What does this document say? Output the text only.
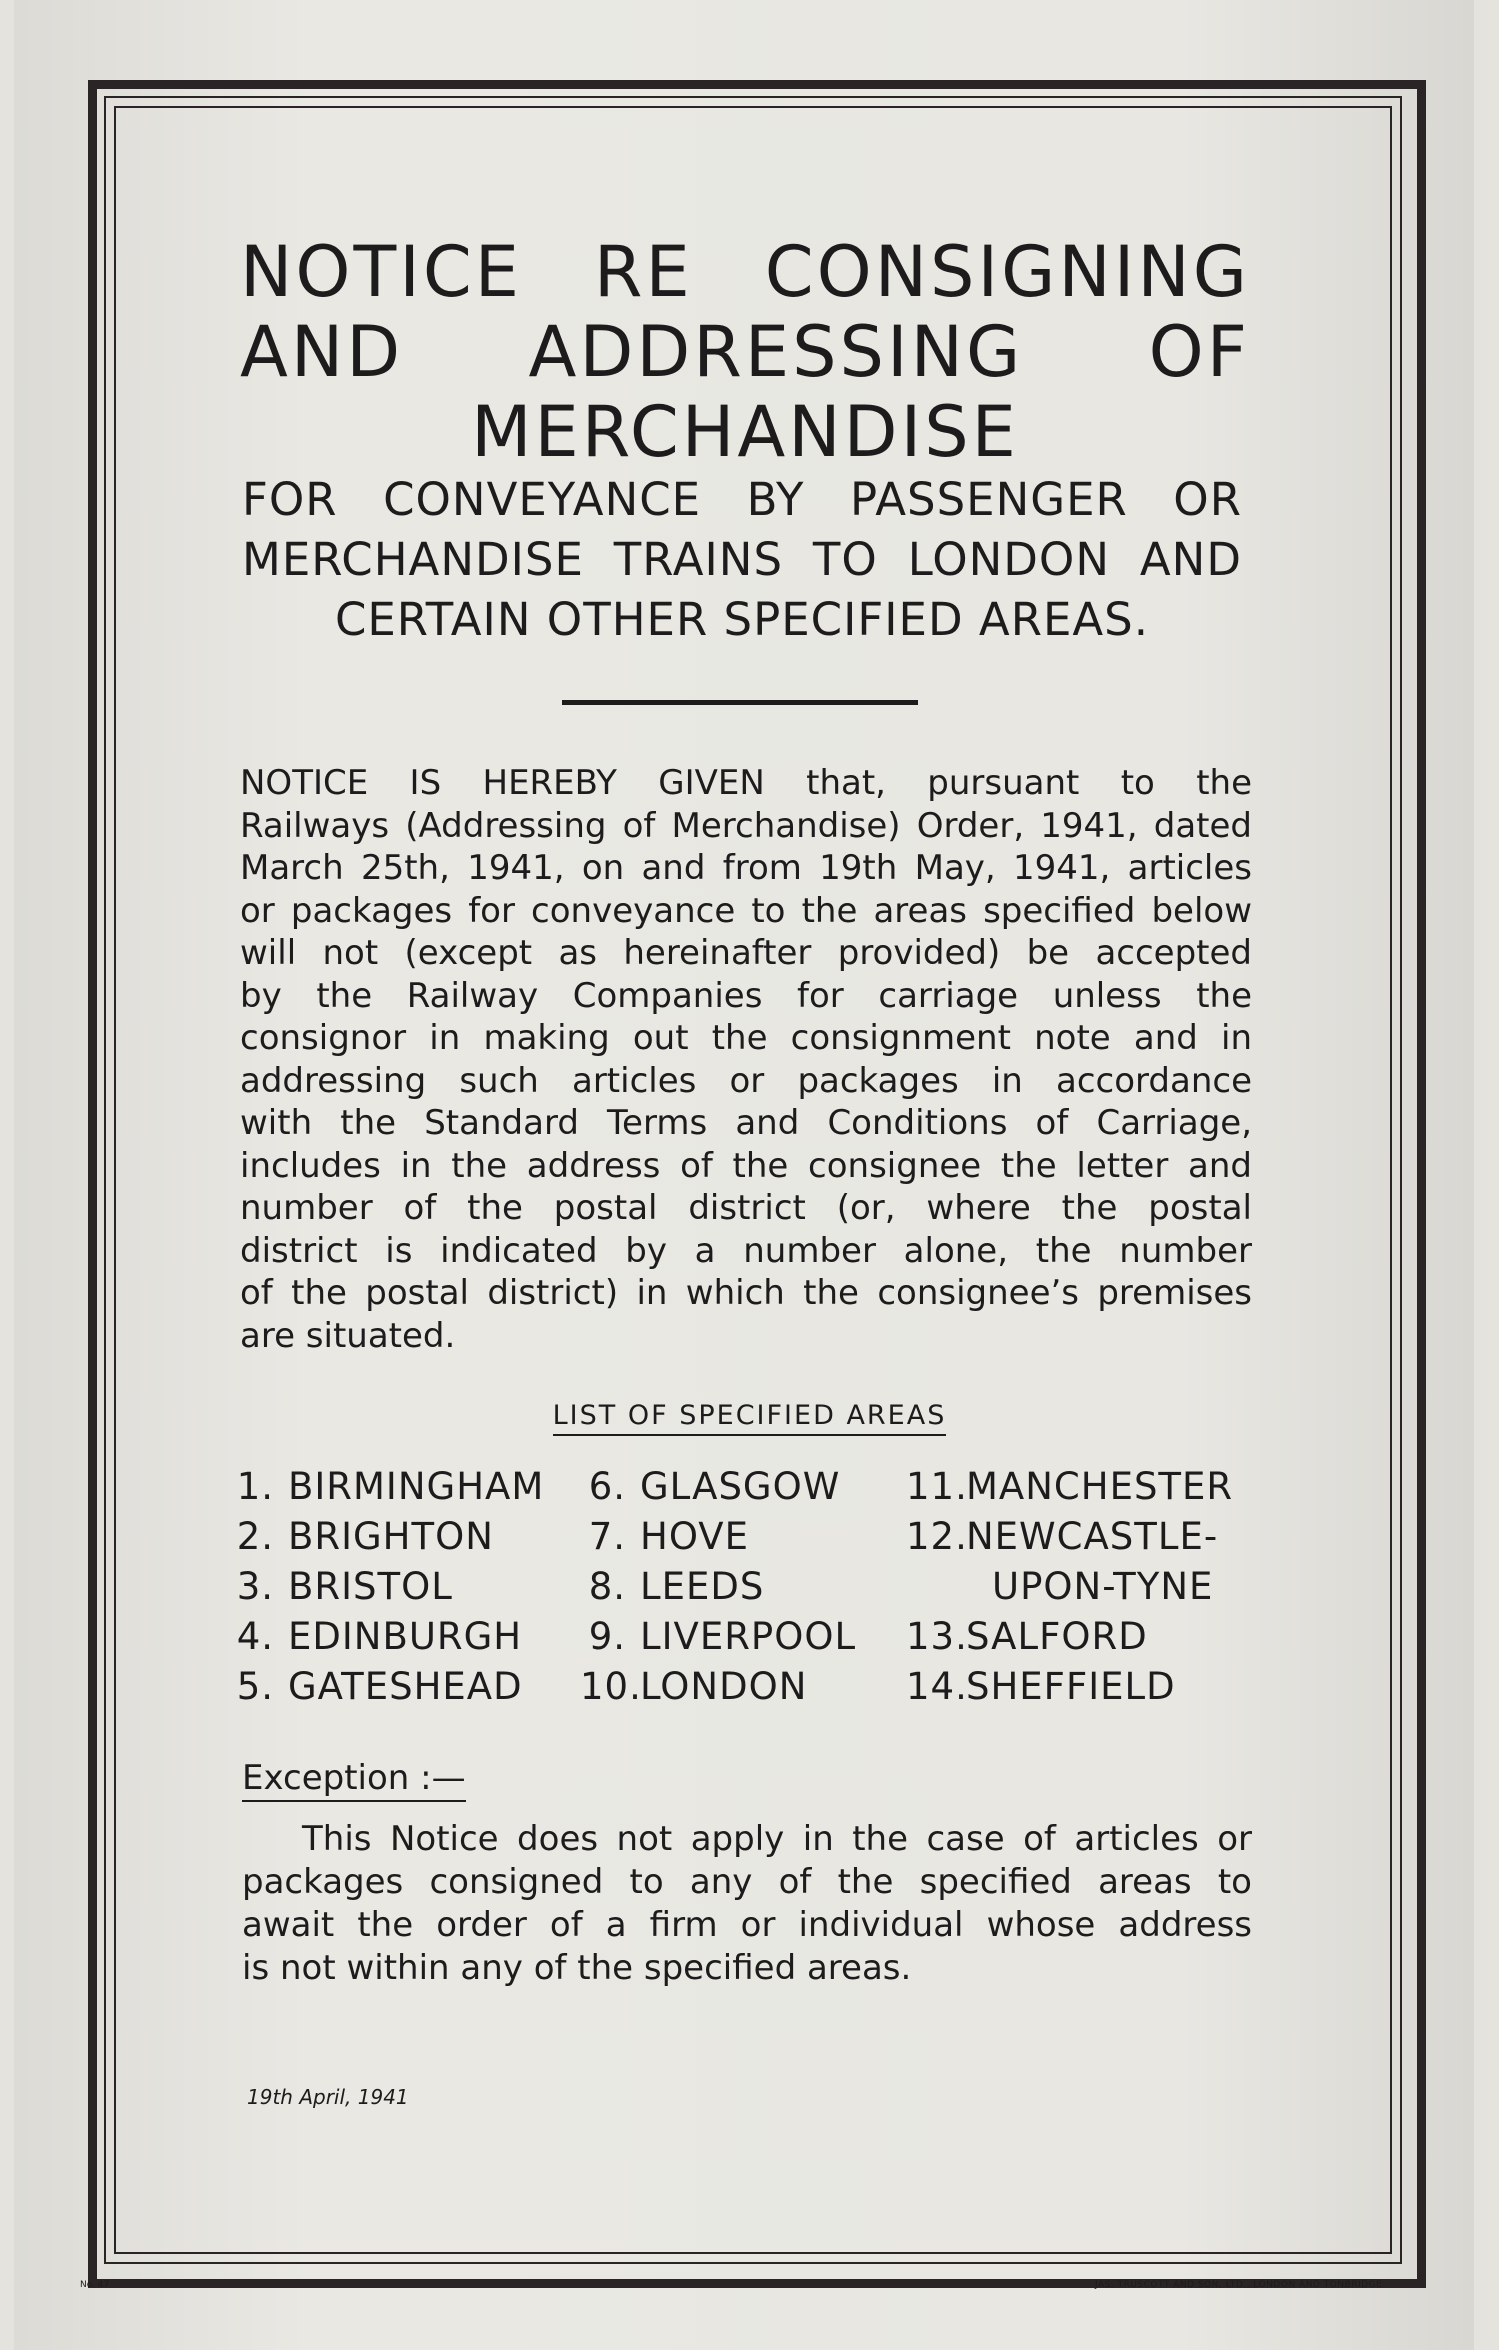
NOTICE RE CONSIGNING
AND ADDRESSING OF
MERCHANDISE
FOR CONVEYANCE BY PASSENGER OR
MERCHANDISE TRAINS TO LONDON AND
CERTAIN OTHER SPECIFIED AREAS.
NOTICE IS HEREBY GIVEN that, pursuant to the
Railways (Addressing of Merchandise) Order, 1941, dated
March 25th, 1941, on and from 19th May, 1941, articles
or packages for conveyance to the areas specified below
will not (except as hereinafter provided) be accepted
by the Railway Companies for carriage unless the
consignor in making out the consignment note and in
addressing such articles or packages in accordance
with the Standard Terms and Conditions of Carriage,
includes in the address of the consignee the letter and
number of the postal district (or, where the postal
district is indicated by a number alone, the number
of the postal district) in which the consignee’s premises
are situated.
LIST OF SPECIFIED AREAS
1. BIRMINGHAM
2. BRIGHTON
3. BRISTOL
4. EDINBURGH
5. GATESHEAD
6. GLASGOW
7. HOVE
8. LEEDS
9. LIVERPOOL
10.LONDON
11.MANCHESTER
12.NEWCASTLE-
UPON-TYNE
13.SALFORD
14.SHEFFIELD
Exception :—
This Notice does not apply in the case of articles or
packages consigned to any of the specified areas to
await the order of a firm or individual whose address
is not within any of the specified areas.
19th April, 1941
No. 47	JAS. TRUSCOTT AND SON, LTD., LONDON AND TONBRIDGE
